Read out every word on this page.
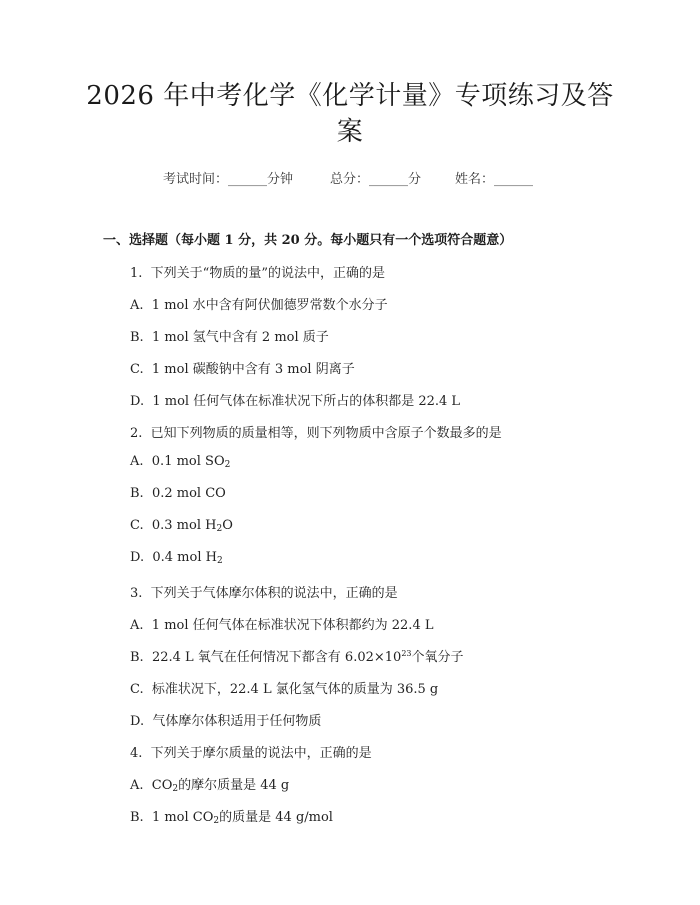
2026 年中考化学《化学计量》专项练习及答
案
考试时间：______分钟	总分：______分	姓名：______
一、选择题（每小题 1 分，共 20 分。每小题只有一个选项符合题意）
1.  下列关于“物质的量”的说法中，正确的是
A.  1 mol 水中含有阿伏伽德罗常数个水分子
B.  1 mol 氢气中含有 2 mol 质子
C.  1 mol 碳酸钠中含有 3 mol 阴离子
D.  1 mol 任何气体在标准状况下所占的体积都是 22.4 L
2.  已知下列物质的质量相等，则下列物质中含原子个数最多的是
A.  0.1 mol $SO_2$
B.  0.2 mol CO
C.  0.3 mol $H_2O$
D.  0.4 mol $H_2$
3.  下列关于气体摩尔体积的说法中，正确的是
A.  1 mol 任何气体在标准状况下体积都约为 22.4 L
B.  22.4 L 氧气在任何情况下都含有 $6.02\times 10^{23}$个氧分子
C.  标准状况下，22.4 L 氯化氢气体的质量为 36.5 g
D.  气体摩尔体积适用于任何物质
4.  下列关于摩尔质量的说法中，正确的是
A.  $CO_2$的摩尔质量是 44 g
B.  1 mol $CO_2$的质量是 44 g/mol
